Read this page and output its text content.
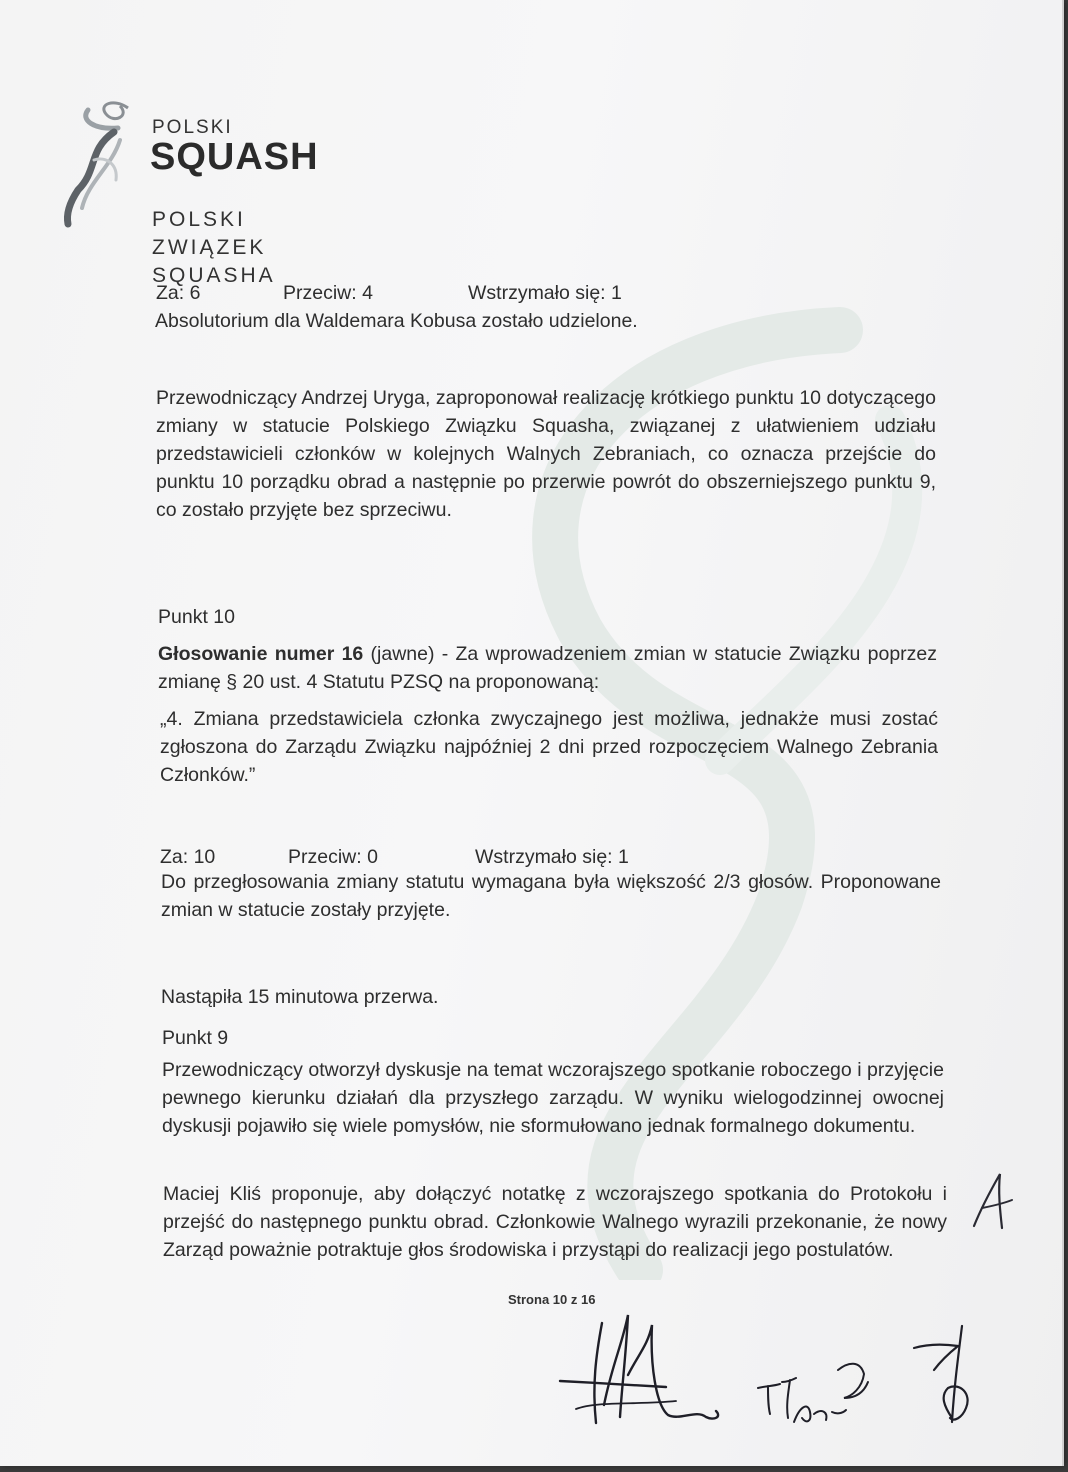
POLSKI
SQUASH
POLSKI
ZWIĄZEK
SQUASHA
Za: 6	Przeciw: 4	Wstrzymało się: 1
Absolutorium dla Waldemara Kobusa zostało udzielone.
Przewodniczący Andrzej Uryga, zaproponował realizację krótkiego punktu 10 dotyczącego zmiany w statucie Polskiego Związku Squasha, związanej z ułatwieniem udziału przedstawicieli członków w kolejnych Walnych Zebraniach, co oznacza przejście do punktu 10 porządku obrad a następnie po przerwie powrót do obszerniejszego punktu 9, co zostało przyjęte bez sprzeciwu.
Punkt 10
Głosowanie numer 16 (jawne) - Za wprowadzeniem zmian w statucie Związku poprzez zmianę § 20 ust. 4 Statutu PZSQ na proponowaną:
„4. Zmiana przedstawiciela członka zwyczajnego jest możliwa, jednakże musi zostać zgłoszona do Zarządu Związku najpóźniej 2 dni przed rozpoczęciem Walnego Zebrania Członków.”
Za: 10	Przeciw: 0	Wstrzymało się: 1
Do przegłosowania zmiany statutu wymagana była większość 2/3 głosów. Proponowane zmian w statucie zostały przyjęte.
Nastąpiła 15 minutowa przerwa.
Punkt 9
Przewodniczący otworzył dyskusje na temat wczorajszego spotkanie roboczego i przyjęcie pewnego kierunku działań dla przyszłego zarządu. W wyniku wielogodzinnej owocnej dyskusji pojawiło się wiele pomysłów, nie sformułowano jednak formalnego dokumentu.
Maciej Kliś proponuje, aby dołączyć notatkę z wczorajszego spotkania do Protokołu i przejść do następnego punktu obrad. Członkowie Walnego wyrazili przekonanie, że nowy Zarząd poważnie potraktuje głos środowiska i przystąpi do realizacji jego postulatów.
Strona 10 z 16
